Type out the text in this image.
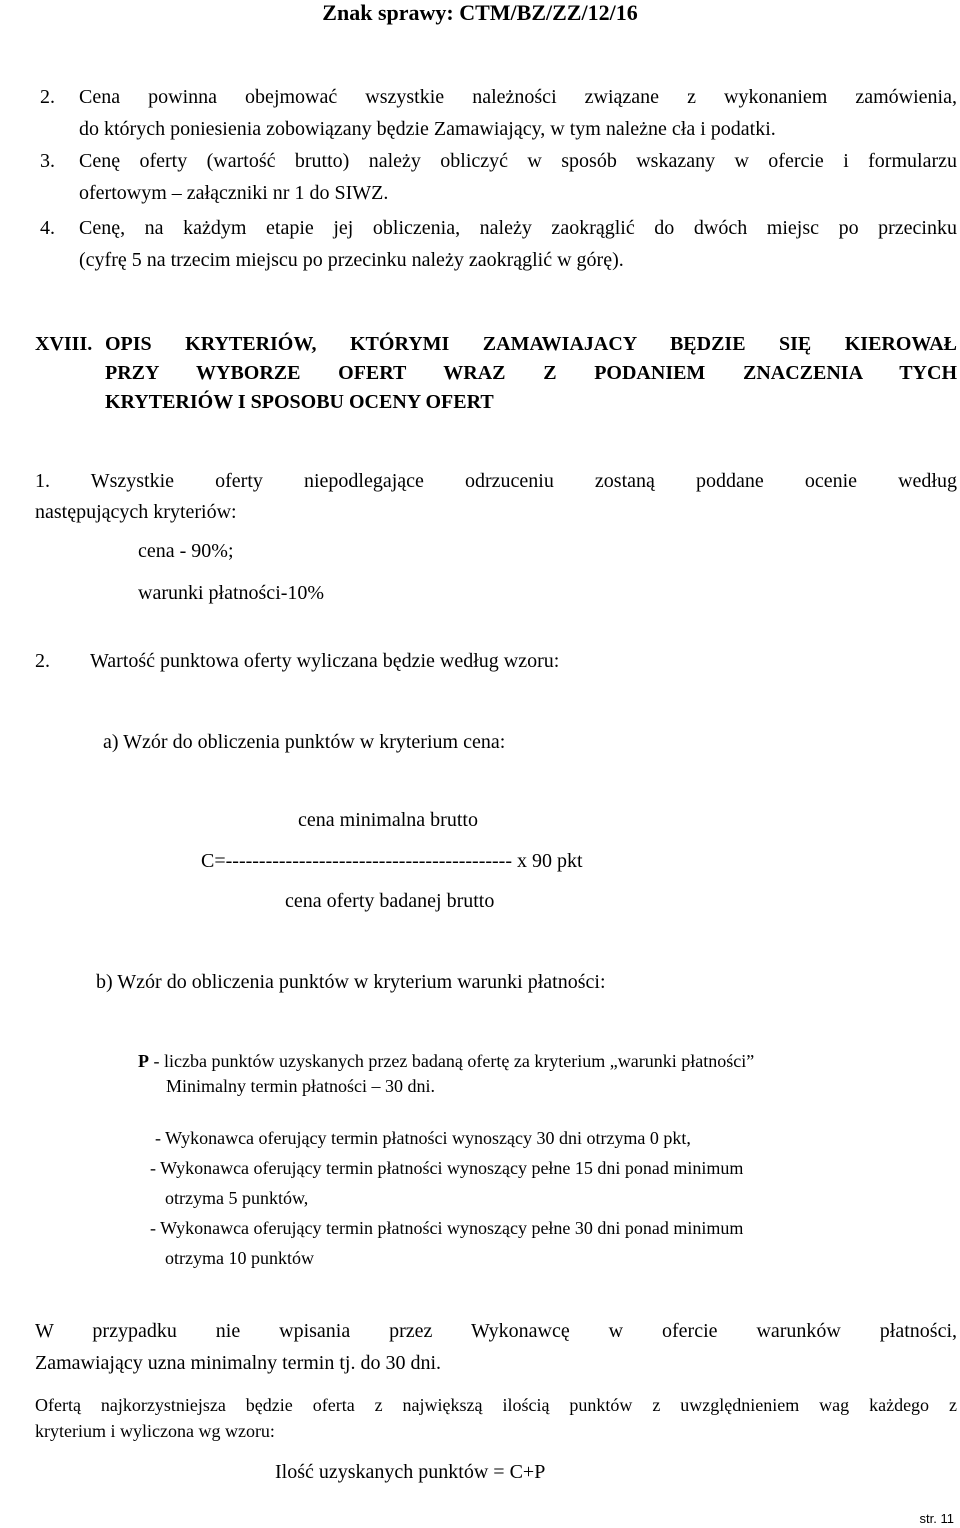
Znak sprawy: CTM/BZ/ZZ/12/16
2. Cena powinna obejmować wszystkie należności związane z wykonaniem zamówienia,
do których poniesienia zobowiązany będzie Zamawiający, w tym należne cła i podatki.
3. Cenę oferty (wartość brutto) należy obliczyć w sposób wskazany w ofercie i formularzu
ofertowym – załączniki nr 1 do SIWZ.
4. Cenę, na każdym etapie jej obliczenia, należy zaokrąglić do dwóch miejsc po przecinku
(cyfrę 5 na trzecim miejscu po przecinku należy zaokrąglić w górę).
XVIII. OPIS KRYTERIÓW, KTÓRYMI ZAMAWIAJACY BĘDZIE SIĘ KIEROWAŁ
PRZY WYBORZE OFERT WRAZ Z PODANIEM ZNACZENIA TYCH
KRYTERIÓW I SPOSOBU OCENY OFERT
1. Wszystkie oferty niepodlegające odrzuceniu zostaną poddane ocenie według
następujących kryteriów:
cena - 90%;
warunki płatności-10%
2. Wartość punktowa oferty wyliczana będzie według wzoru:
a) Wzór do obliczenia punktów w kryterium cena:
cena minimalna brutto
C=------------------------------------------- x 90 pkt
cena oferty badanej brutto
b) Wzór do obliczenia punktów w kryterium warunki płatności:
P - liczba punktów uzyskanych przez badaną ofertę za kryterium „warunki płatności”
Minimalny termin płatności – 30 dni.
- Wykonawca oferujący termin płatności wynoszący 30 dni otrzyma 0 pkt,
- Wykonawca oferujący termin płatności wynoszący pełne 15 dni ponad minimum
otrzyma 5 punktów,
- Wykonawca oferujący termin płatności wynoszący pełne 30 dni ponad minimum
otrzyma 10 punktów
W przypadku nie wpisania przez Wykonawcę w ofercie warunków płatności,
Zamawiający uzna minimalny termin tj. do 30 dni.
Ofertą najkorzystniejsza będzie oferta z największą ilością punktów z uwzględnieniem wag każdego z
kryterium i wyliczona wg wzoru:
Ilość uzyskanych punktów = C+P
str. 11
